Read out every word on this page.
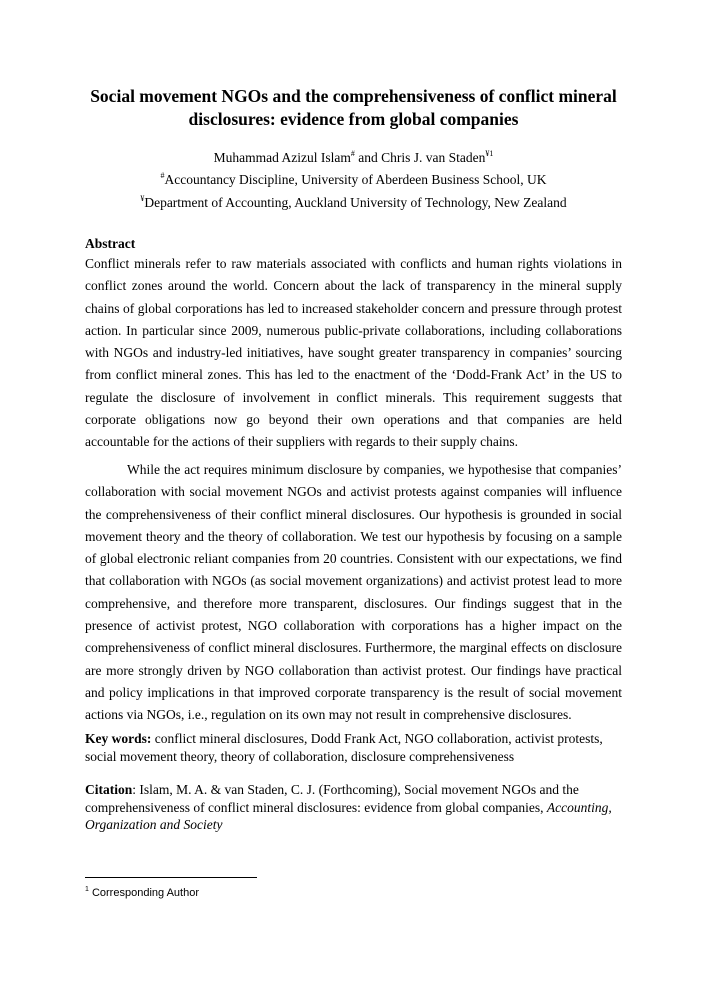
Social movement NGOs and the comprehensiveness of conflict mineral disclosures: evidence from global companies
Muhammad Azizul Islam# and Chris J. van Staden$^{¥1}$
#Accountancy Discipline, University of Aberdeen Business School, UK
¥Department of Accounting, Auckland University of Technology, New Zealand
Abstract
Conflict minerals refer to raw materials associated with conflicts and human rights violations in conflict zones around the world. Concern about the lack of transparency in the mineral supply chains of global corporations has led to increased stakeholder concern and pressure through protest action. In particular since 2009, numerous public-private collaborations, including collaborations with NGOs and industry-led initiatives, have sought greater transparency in companies’ sourcing from conflict mineral zones. This has led to the enactment of the ‘Dodd-Frank Act’ in the US to regulate the disclosure of involvement in conflict minerals. This requirement suggests that corporate obligations now go beyond their own operations and that companies are held accountable for the actions of their suppliers with regards to their supply chains.
While the act requires minimum disclosure by companies, we hypothesise that companies’ collaboration with social movement NGOs and activist protests against companies will influence the comprehensiveness of their conflict mineral disclosures. Our hypothesis is grounded in social movement theory and the theory of collaboration. We test our hypothesis by focusing on a sample of global electronic reliant companies from 20 countries. Consistent with our expectations, we find that collaboration with NGOs (as social movement organizations) and activist protest lead to more comprehensive, and therefore more transparent, disclosures. Our findings suggest that in the presence of activist protest, NGO collaboration with corporations has a higher impact on the comprehensiveness of conflict mineral disclosures. Furthermore, the marginal effects on disclosure are more strongly driven by NGO collaboration than activist protest. Our findings have practical and policy implications in that improved corporate transparency is the result of social movement actions via NGOs, i.e., regulation on its own may not result in comprehensive disclosures.
Key words: conflict mineral disclosures, Dodd Frank Act, NGO collaboration, activist protests, social movement theory, theory of collaboration, disclosure comprehensiveness
Citation: Islam, M. A. & van Staden, C. J. (Forthcoming), Social movement NGOs and the comprehensiveness of conflict mineral disclosures: evidence from global companies, Accounting, Organization and Society
$^1$ Corresponding Author
